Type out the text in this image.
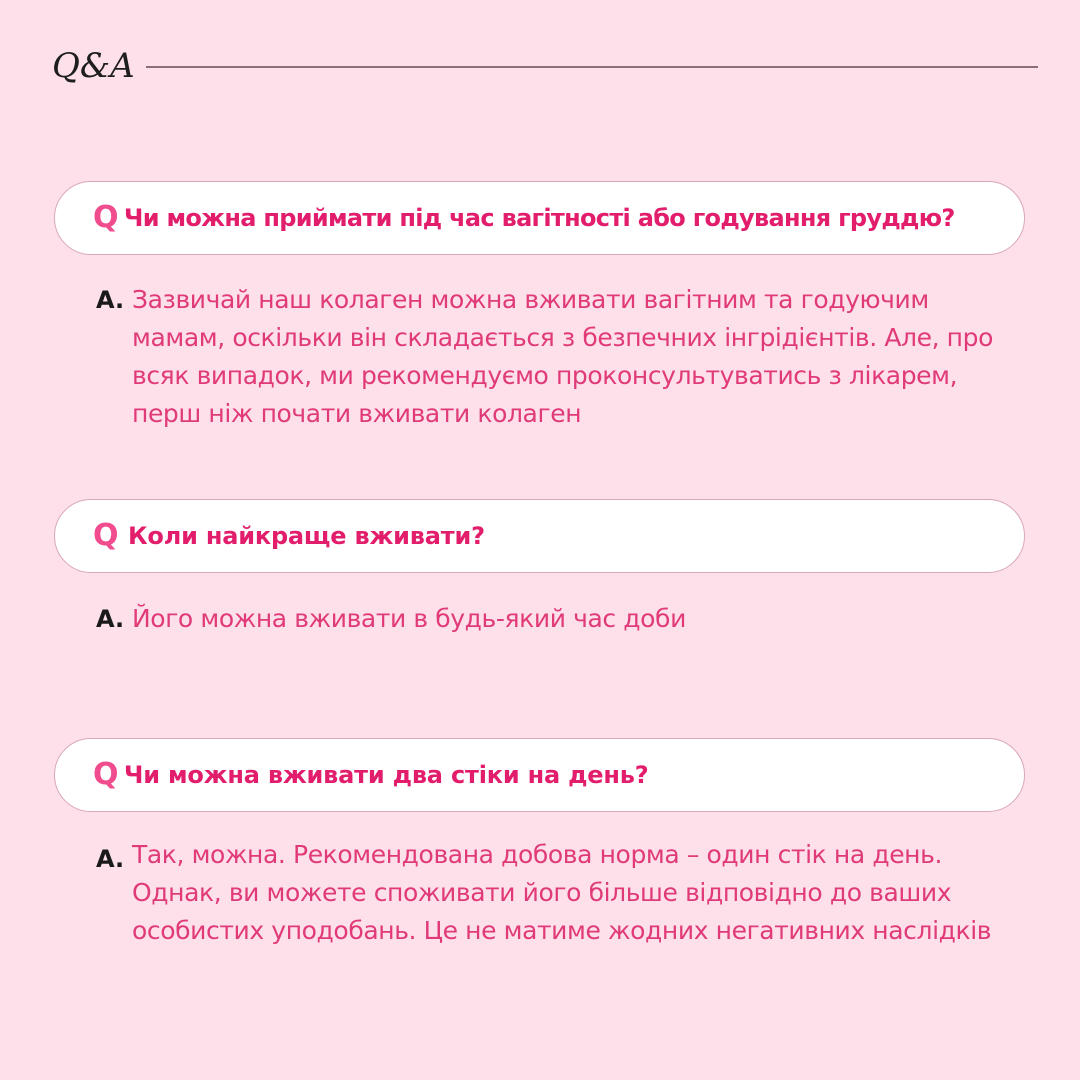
Q&A
Q Чи можна приймати під час вагітності або годування груддю?
A. Зазвичай наш колаген можна вживати вагітним та годуючим мамам, оскільки він складається з безпечних інгрідієнтів. Але, про всяк випадок, ми рекомендуємо проконсультуватись з лікарем, перш ніж почати вживати колаген
Q Коли найкраще вживати?
A. Його можна вживати в будь-який час доби
Q Чи можна вживати два стіки на день?
A. Так, можна. Рекомендована добова норма – один стік на день. Однак, ви можете споживати його більше відповідно до ваших особистих уподобань. Це не матиме жодних негативних наслідків
